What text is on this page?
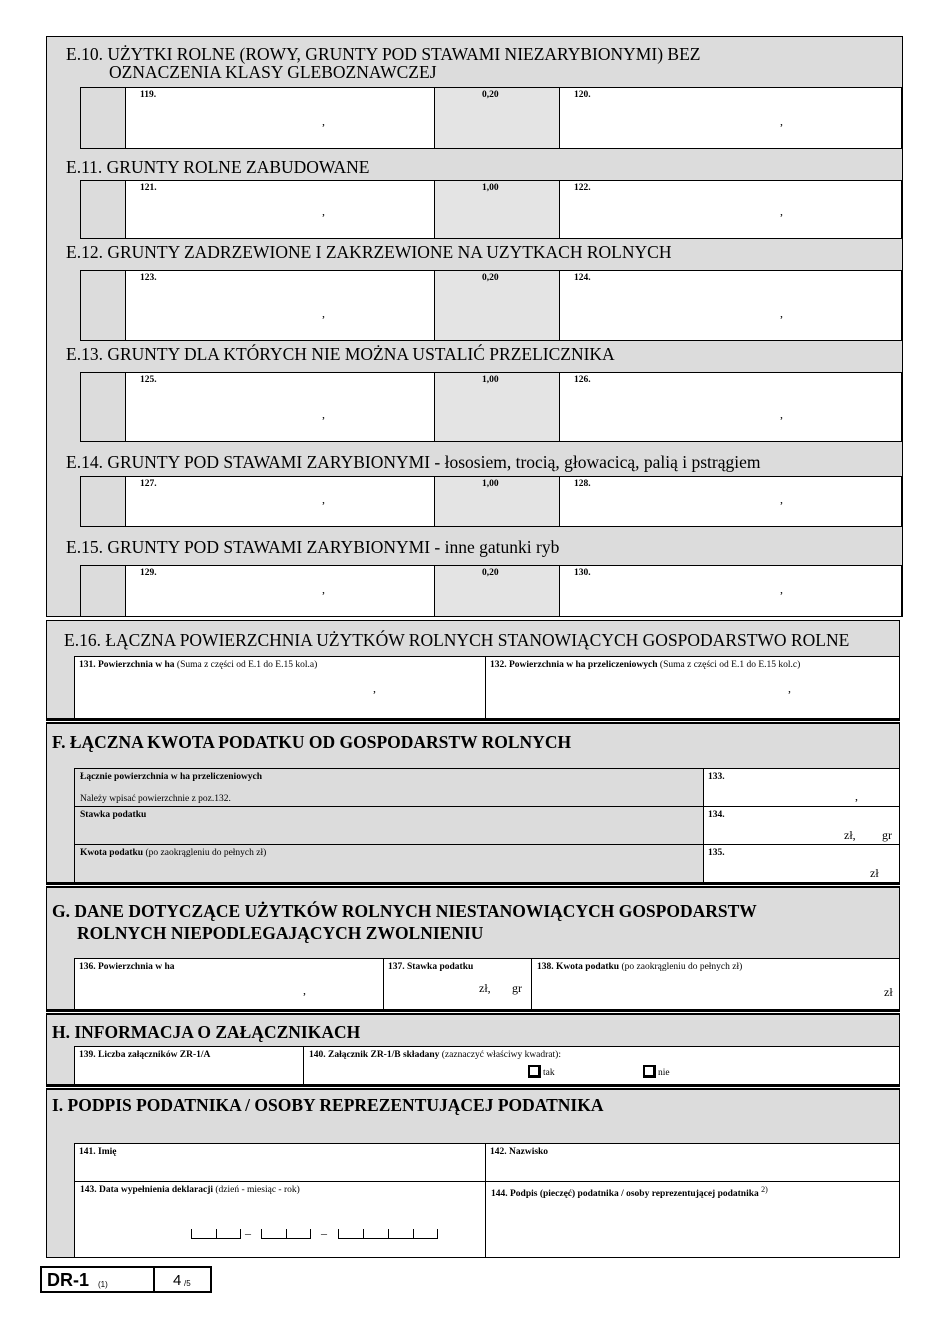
E.10. UŻYTKI ROLNE (ROWY, GRUNTY POD STAWAMI NIEZARYBIONYMI) BEZ
OZNACZENIA KLASY GLEBOZNAWCZEJ
119.
,
0,20	120.
,
E.11. GRUNTY ROLNE ZABUDOWANE
121.
,
1,00	122.
,
E.12. GRUNTY ZADRZEWIONE I ZAKRZEWIONE NA UZYTKACH ROLNYCH
123.
,
0,20	124.
,
E.13. GRUNTY DLA KTÓRYCH NIE MOŻNA USTALIĆ PRZELICZNIKA
125.
,
1,00	126.
,
E.14. GRUNTY POD STAWAMI ZARYBIONYMI - łososiem, trocią, głowacicą, palią i pstrągiem
127.
,
1,00	128.
,
E.15. GRUNTY POD STAWAMI ZARYBIONYMI - inne gatunki ryb
129.
,
0,20	130.
,
E.16. ŁĄCZNA POWIERZCHNIA UŻYTKÓW ROLNYCH STANOWIĄCYCH GOSPODARSTWO ROLNE
131. Powierzchnia w ha (Suma z części od E.1 do E.15 kol.a)
,
132. Powierzchnia w ha przeliczeniowych (Suma z części od E.1 do E.15 kol.c)
,
F. ŁĄCZNA KWOTA PODATKU OD GOSPODARSTW ROLNYCH
Łącznie powierzchnia w ha przeliczeniowych
Należy wpisać powierzchnie z poz.132.
133.
,
Stawka podatku	134.
zł, gr
Kwota podatku (po zaokrągleniu do pełnych zł)	135.
zł
G. DANE DOTYCZĄCE UŻYTKÓW ROLNYCH NIESTANOWIĄCYCH GOSPODARSTW
ROLNYCH NIEPODLEGAJĄCYCH ZWOLNIENIU
136. Powierzchnia w ha
,
137. Stawka podatku
zł, gr
138. Kwota podatku (po zaokrągleniu do pełnych zł)
zł
H. INFORMACJA O ZAŁĄCZNIKACH
139. Liczba załączników ZR-1/A	140. Załącznik ZR-1/B składany (zaznaczyć właściwy kwadrat):
tak	nie
I. PODPIS PODATNIKA / OSOBY REPREZENTUJĄCEJ PODATNIKA
141. Imię	142. Nazwisko
143. Data wypełnienia deklaracji (dzień - miesiąc - rok)
–	–
144. Podpis (pieczęć) podatnika / osoby reprezentującej podatnika $^{2)}$
DR-1 (1)	4 /5
